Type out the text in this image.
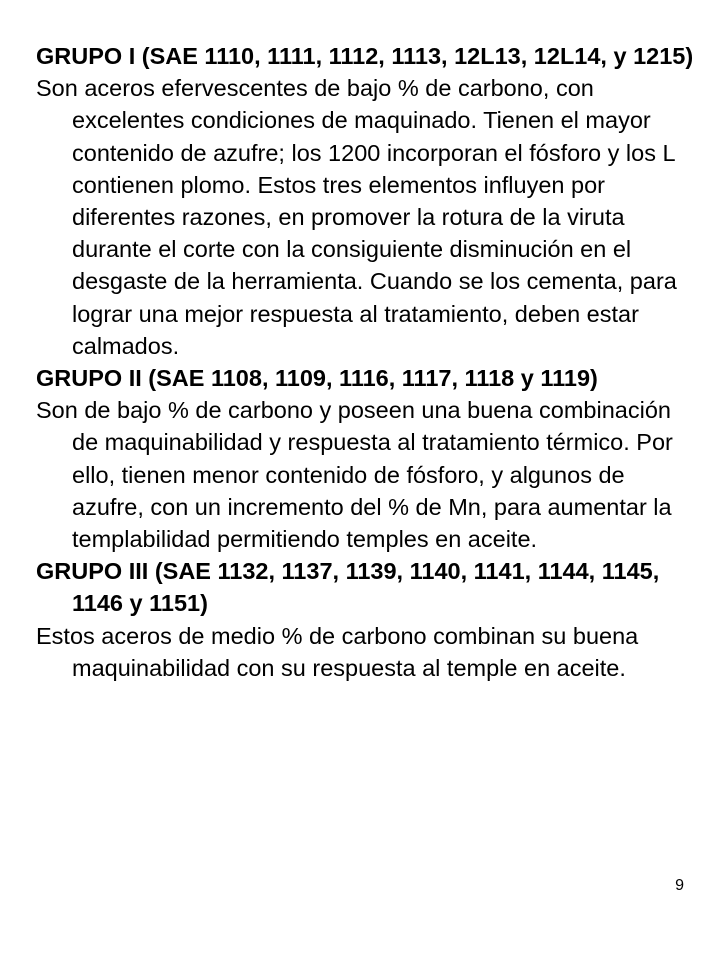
GRUPO I (SAE 1110, 1111, 1112, 1113, 12L13, 12L14, y 1215)

Son aceros efervescentes de bajo % de carbono, con excelentes condiciones de maquinado. Tienen el mayor contenido de azufre; los 1200 incorporan el fósforo y los L contienen plomo. Estos tres elementos influyen por diferentes razones, en promover la rotura de la viruta durante el corte con la consiguiente disminución en el desgaste de la herramienta. Cuando se los cementa, para lograr una mejor respuesta al tratamiento, deben estar calmados.

GRUPO II (SAE 1108, 1109, 1116, 1117, 1118 y 1119)

Son de bajo % de carbono y poseen una buena combinación de maquinabilidad y respuesta al tratamiento térmico. Por ello, tienen menor contenido de fósforo, y algunos de azufre, con un incremento del % de Mn, para aumentar la templabilidad permitiendo temples en aceite.

GRUPO III (SAE 1132, 1137, 1139, 1140, 1141, 1144, 1145, 1146 y 1151)

Estos aceros de medio % de carbono combinan su buena maquinabilidad con su respuesta al temple en aceite.

9
